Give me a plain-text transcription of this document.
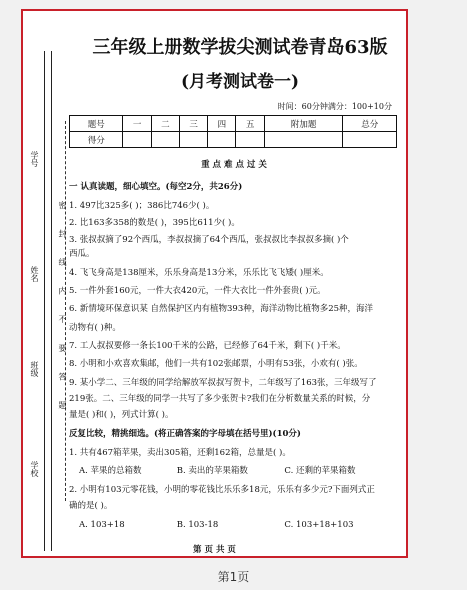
学号
姓名
班级
学校
密 封 线 内 不 要 答 题
三年级上册数学拔尖测试卷青岛63版
(月考测试卷一)
时间：60分钟满分：100+10分
题号	一	二	三	四	五	附加题	总分
得分							
重 点 难 点 过 关
一 认真读题，细心填空。(每空2分，共26分)
1. 497比325多( )；386比746少( )。
2. 比163多358的数是( )，395比611少( )。
3. 张叔叔摘了92个西瓜，李叔叔摘了64个西瓜，张叔叔比李叔叔多摘( )个
西瓜。
4. 飞飞身高是138厘米，乐乐身高是13分米，乐乐比飞飞矮( )厘米。
5. 一件外套160元，一件大衣420元，一件大衣比一件外套贵( )元。
6. 新情境环保意识某 自然保护区内有植物393种，海洋动物比植物多25种，海洋
动物有( )种。
7. 工人叔叔要修一条长100千米的公路，已经修了64千米，剩下( )千米。
8. 小明和小欢喜欢集邮，他们一共有102张邮票，小明有53张，小欢有( )张。
9. 某小学二、三年级的同学给解放军叔叔写贺卡，二年级写了163张，三年级写了
219张。二、三年级的同学一共写了多少张贺卡?我们在分析数量关系的时候，分
量是( )和( )，列式计算( )。
反复比较，精挑细选。(将正确答案的字母填在括号里)(10分)
1. 共有467箱苹果，卖出305箱，还剩162箱，总量是( )。
A. 苹果的总箱数	B. 卖出的苹果箱数	C. 还剩的苹果箱数
2. 小明有103元零花钱，小明的零花钱比乐乐多18元，乐乐有多少元?下面列式正
确的是( )。
A. 103+18	B. 103-18	C. 103+18+103
第 页 共 页
第1页
